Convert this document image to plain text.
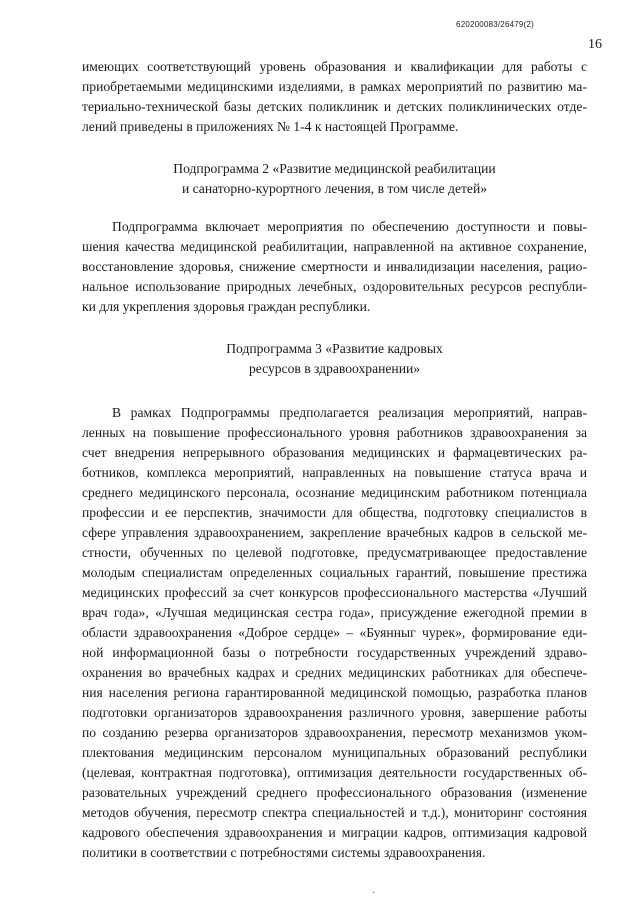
620200083/26479(2)
16
имеющих соответствующий уровень образования и квалификации для работы с
приобретаемыми медицинскими изделиями, в рамках мероприятий по развитию ма-
териально-технической базы детских поликлиник и детских поликлинических отде-
лений приведены в приложениях № 1-4 к настоящей Программе.
Подпрограмма 2 «Развитие медицинской реабилитации
и санаторно-курортного лечения, в том числе детей»
Подпрограмма включает мероприятия по обеспечению доступности и повы-
шения качества медицинской реабилитации, направленной на активное сохранение,
восстановление здоровья, снижение смертности и инвалидизации населения, рацио-
нальное использование природных лечебных, оздоровительных ресурсов республи-
ки для укрепления здоровья граждан республики.
Подпрограмма 3 «Развитие кадровых
ресурсов в здравоохранении»
В рамках Подпрограммы предполагается реализация мероприятий, направ-
ленных на повышение профессионального уровня работников здравоохранения за
счет внедрения непрерывного образования медицинских и фармацевтических ра-
ботников, комплекса мероприятий, направленных на повышение статуса врача и
среднего медицинского персонала, осознание медицинским работником потенциала
профессии и ее перспектив, значимости для общества, подготовку специалистов в
сфере управления здравоохранением, закрепление врачебных кадров в сельской ме-
стности, обученных по целевой подготовке, предусматривающее предоставление
молодым специалистам определенных социальных гарантий, повышение престижа
медицинских профессий за счет конкурсов профессионального мастерства «Лучший
врач года», «Лучшая медицинская сестра года», присуждение ежегодной премии в
области здравоохранения «Доброе сердце» – «Буянныг чурек», формирование еди-
ной информационной базы о потребности государственных учреждений здраво-
охранения во врачебных кадрах и средних медицинских работниках для обеспече-
ния населения региона гарантированной медицинской помощью, разработка планов
подготовки организаторов здравоохранения различного уровня, завершение работы
по созданию резерва организаторов здравоохранения, пересмотр механизмов уком-
плектования медицинским персоналом муниципальных образований республики
(целевая, контрактная подготовка), оптимизация деятельности государственных об-
разовательных учреждений среднего профессионального образования (изменение
методов обучения, пересмотр спектра специальностей и т.д.), мониторинг состояния
кадрового обеспечения здравоохранения и миграции кадров, оптимизация кадровой
политики в соответствии с потребностями системы здравоохранения.
·
